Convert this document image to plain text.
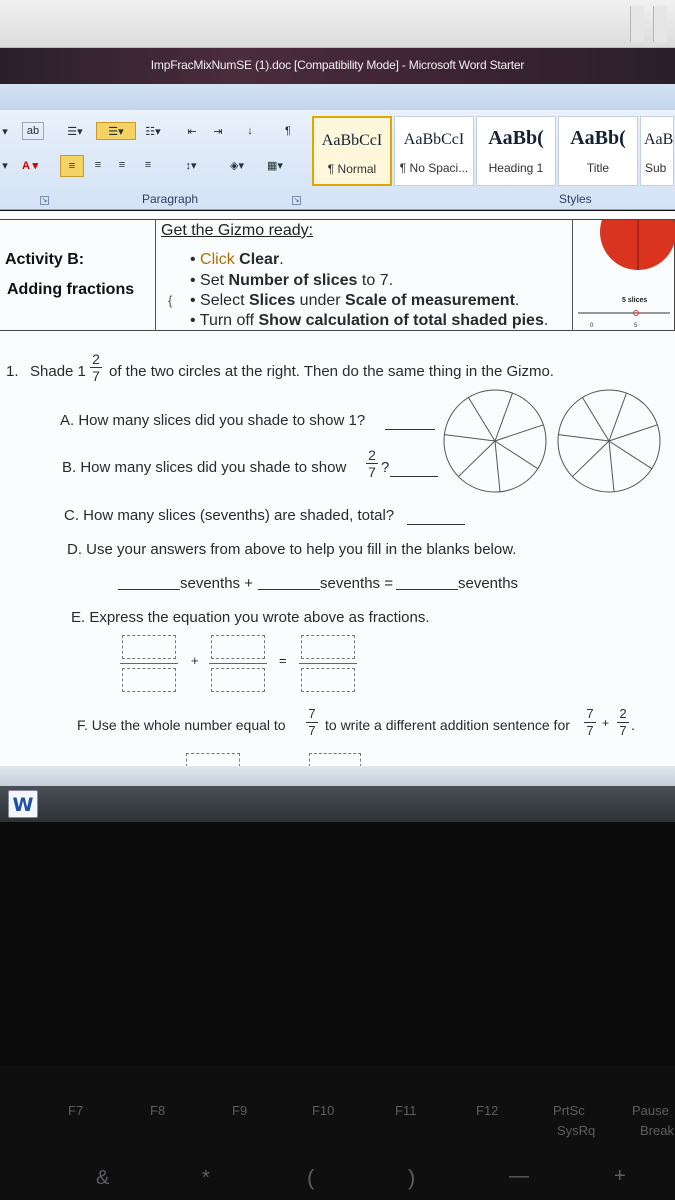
ImpFracMixNumSE (1).doc [Compatibility Mode] - Microsoft Word Starter
▾	ab	☰▾	☰▾	☷▾	⇤	⇥	↓	¶
▾	A ▾	≡	≡	≡	≡	↕▾	◈▾	▦▾
↘	Paragraph	↘
AaBbCcI
¶ Normal
AaBbCcI
¶ No Spaci...
AaBb(
Heading 1
AaBb(
Title
AaB
Sub
Styles
Activity B:
Adding fractions
Get the Gizmo ready:
• Click Clear.
• Set Number of slices to 7.
{ • Select Slices under Scale of measurement.
• Turn off Show calculation of total shaded pies.
5 slices
0	5
1. Shade 1
2
7 of the two circles at the right. Then do the same thing in the Gizmo.
A. How many slices did you shade to show 1?
B. How many slices did you shade to show
2
7 ?
C. How many slices (sevenths) are shaded, total?
D. Use your answers from above to help you fill in the blanks below.
sevenths +	sevenths =	sevenths
E. Express the equation you wrote above as fractions.
+	=
F. Use the whole number equal to
7
7 to write a different addition sentence for
7
7 +
2
7 .
W
F7	F8	F9	F10	F11	F12	PrtSc	Pause
SysRq	Break
&	*	(	)	—	+
